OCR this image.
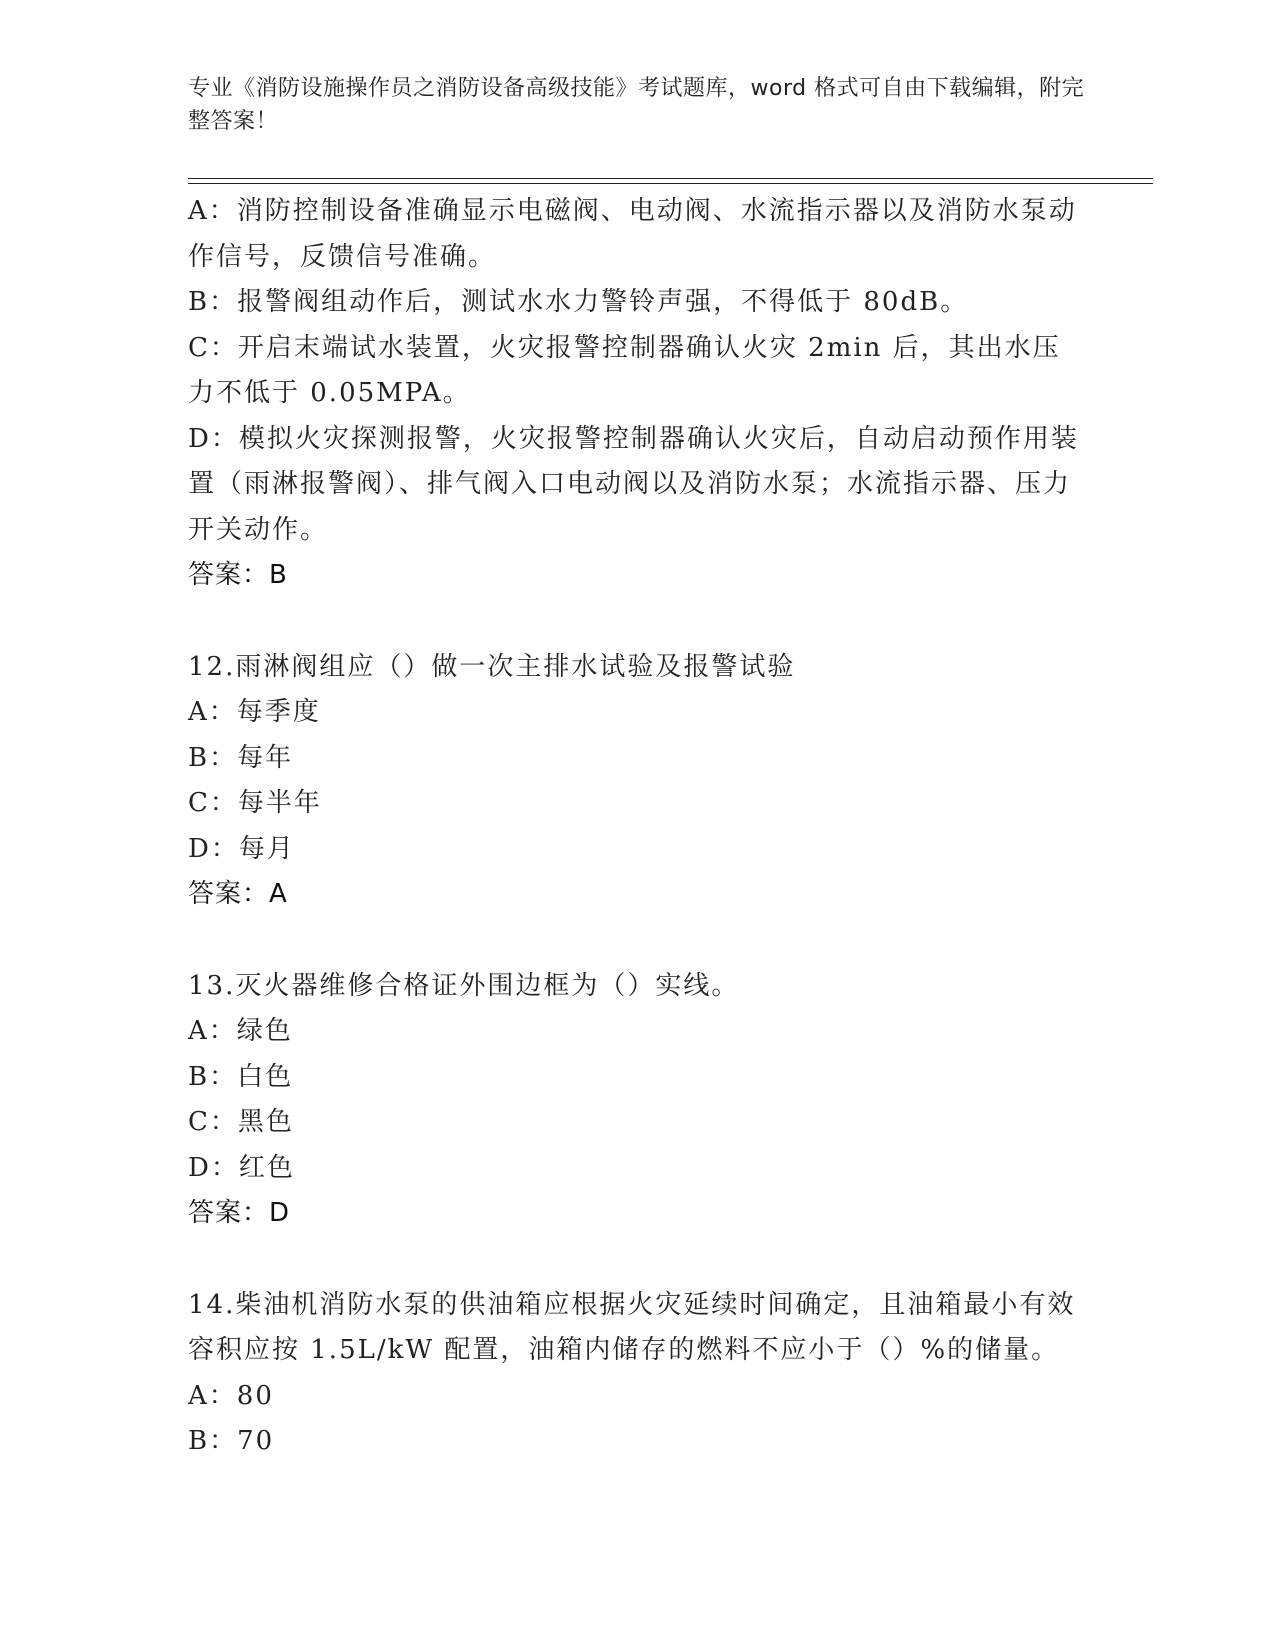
专业《消防设施操作员之消防设备高级技能》考试题库，word 格式可自由下载编辑，附完整答案！
A：消防控制设备准确显示电磁阀、电动阀、水流指示器以及消防水泵动作信号，反馈信号准确。
B：报警阀组动作后，测试水水力警铃声强，不得低于 80dB。
C：开启末端试水装置，火灾报警控制器确认火灾 2min 后，其出水压力不低于 0.05MPA。
D：模拟火灾探测报警，火灾报警控制器确认火灾后，自动启动预作用装置（雨淋报警阀）、排气阀入口电动阀以及消防水泵；水流指示器、压力开关动作。
答案：B
12.雨淋阀组应（）做一次主排水试验及报警试验
A：每季度
B：每年
C：每半年
D：每月
答案：A
13.灭火器维修合格证外围边框为（）实线。
A：绿色
B：白色
C：黑色
D：红色
答案：D
14.柴油机消防水泵的供油箱应根据火灾延续时间确定，且油箱最小有效容积应按 1.5L/kW 配置，油箱内储存的燃料不应小于（）%的储量。
A：80
B：70
